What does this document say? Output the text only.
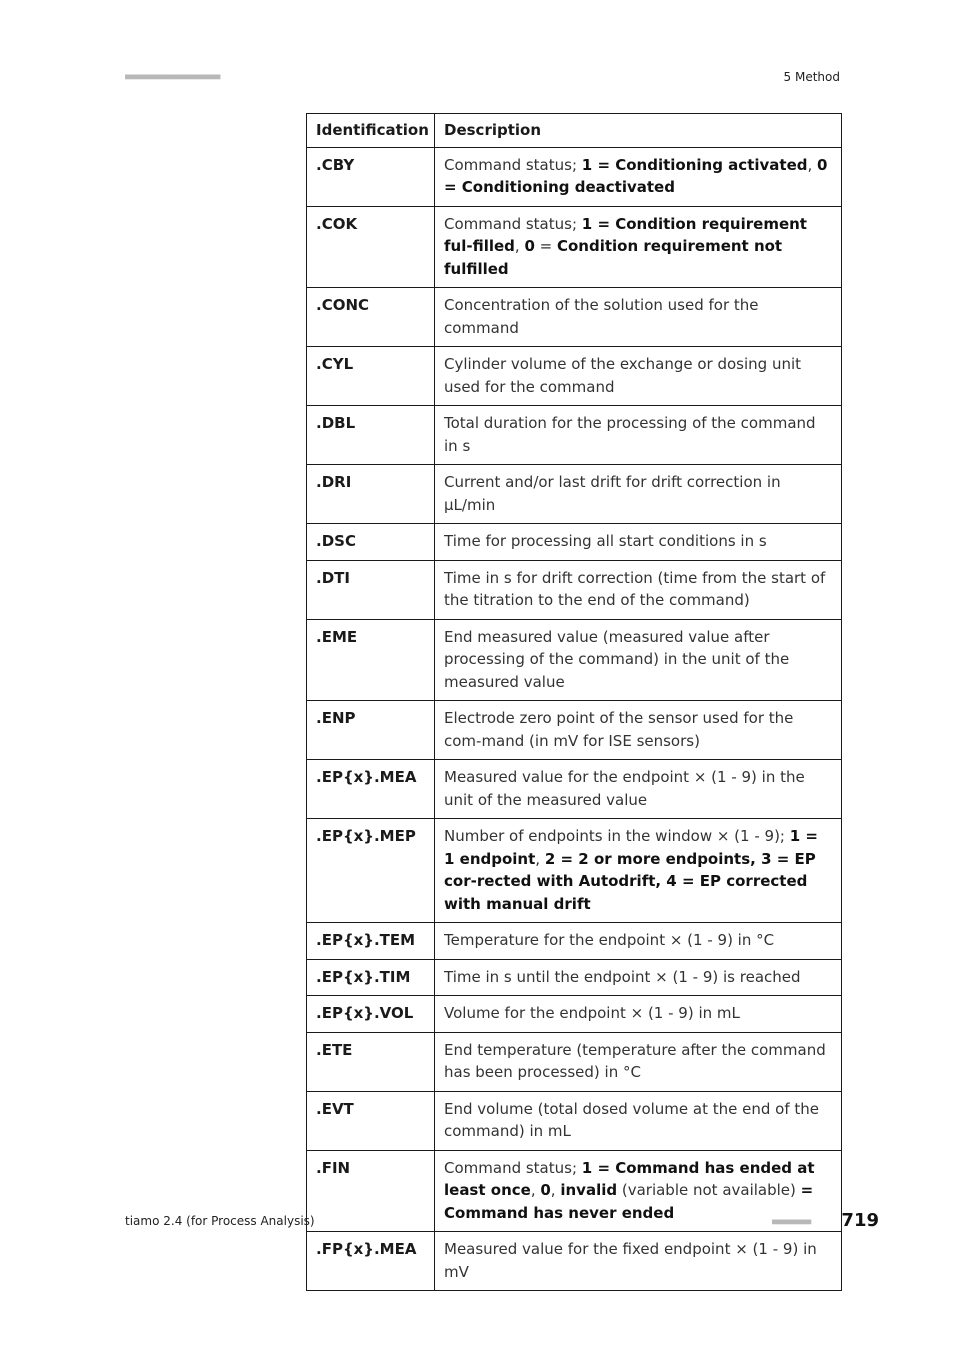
■■■■■■■■■■■■■■■■■■■■■■	5 Method
Identification	Description
.CBY	Command status; 1 = Conditioning activated, 0 = Conditioning deactivated
.COK	Command status; 1 = Condition requirement ful-filled, 0 = Condition requirement not fulfilled
.CONC	Concentration of the solution used for the command
.CYL	Cylinder volume of the exchange or dosing unit used for the command
.DBL	Total duration for the processing of the command in s
.DRI	Current and/or last drift for drift correction in µL/min
.DSC	Time for processing all start conditions in s
.DTI	Time in s for drift correction (time from the start of the titration to the end of the command)
.EME	End measured value (measured value after processing of the command) in the unit of the measured value
.ENP	Electrode zero point of the sensor used for the com-mand (in mV for ISE sensors)
.EP{x}.MEA	Measured value for the endpoint × (1 - 9) in the unit of the measured value
.EP{x}.MEP	Number of endpoints in the window × (1 - 9); 1 = 1 endpoint, 2 = 2 or more endpoints, 3 = EP cor-rected with Autodrift, 4 = EP corrected with manual drift
.EP{x}.TEM	Temperature for the endpoint × (1 - 9) in °C
.EP{x}.TIM	Time in s until the endpoint × (1 - 9) is reached
.EP{x}.VOL	Volume for the endpoint × (1 - 9) in mL
.ETE	End temperature (temperature after the command has been processed) in °C
.EVT	End volume (total dosed volume at the end of the command) in mL
.FIN	Command status; 1 = Command has ended at least once, 0, invalid (variable not available) = Command has never ended
.FP{x}.MEA	Measured value for the fixed endpoint × (1 - 9) in mV
tiamo 2.4 (for Process Analysis)	■■■■■■■■■ 719
